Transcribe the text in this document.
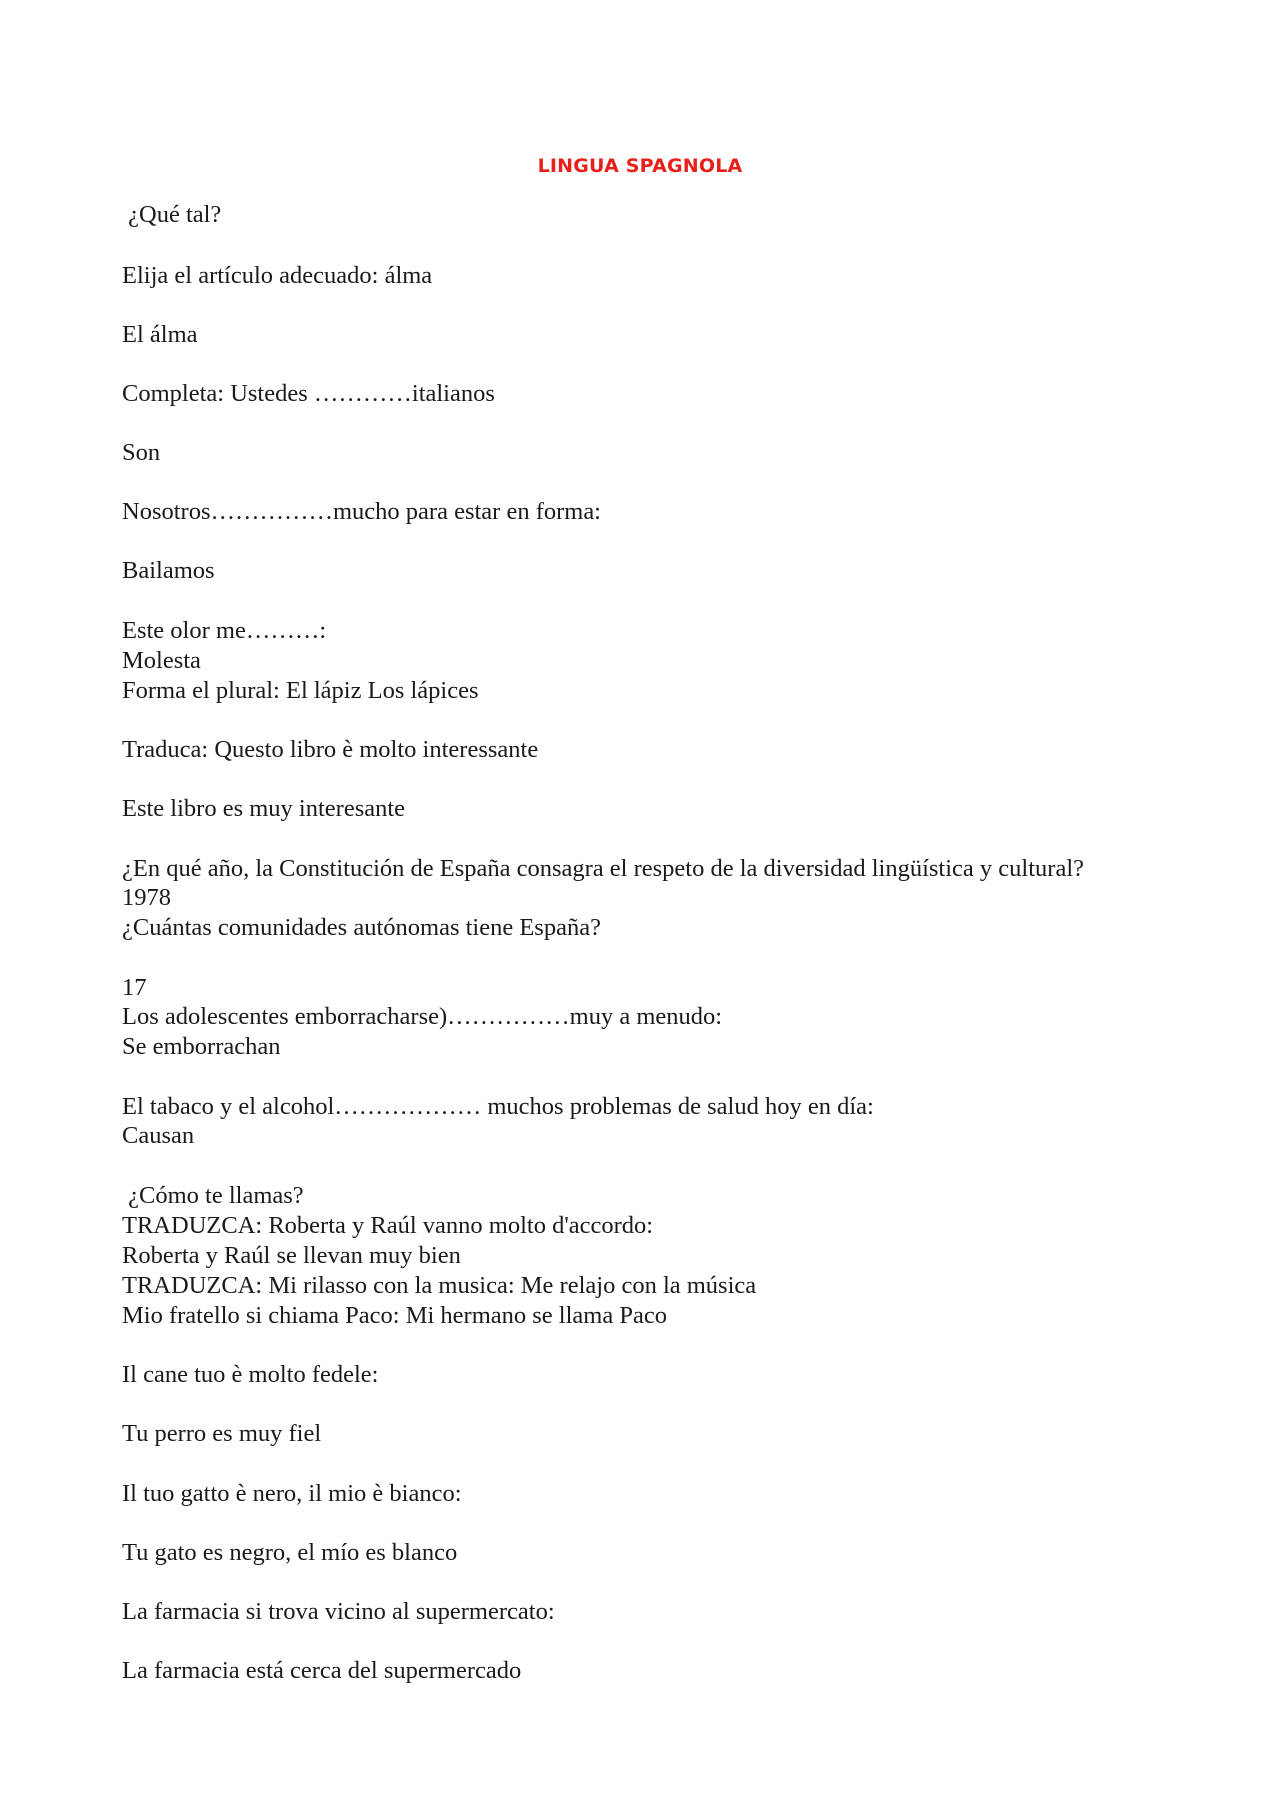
LINGUA SPAGNOLA
¿Qué tal?
Elija el artículo adecuado: álma
El álma
Completa: Ustedes …………italianos
Son
Nosotros……………mucho para estar en forma:
Bailamos
Este olor me………:
Molesta
Forma el plural: El lápiz Los lápices
Traduca: Questo libro è molto interessante
Este libro es muy interesante
¿En qué año, la Constitución de España consagra el respeto de la diversidad lingüística y cultural?
1978
¿Cuántas comunidades autónomas tiene España?
17
Los adolescentes emborracharse)……………muy a menudo:
Se emborrachan
El tabaco y el alcohol……………… muchos problemas de salud hoy en día:
Causan
¿Cómo te llamas?
TRADUZCA: Roberta y Raúl vanno molto d'accordo:
Roberta y Raúl se llevan muy bien
TRADUZCA: Mi rilasso con la musica: Me relajo con la música
Mio fratello si chiama Paco: Mi hermano se llama Paco
Il cane tuo è molto fedele:
Tu perro es muy fiel
Il tuo gatto è nero, il mio è bianco:
Tu gato es negro, el mío es blanco
La farmacia si trova vicino al supermercato:
La farmacia está cerca del supermercado
